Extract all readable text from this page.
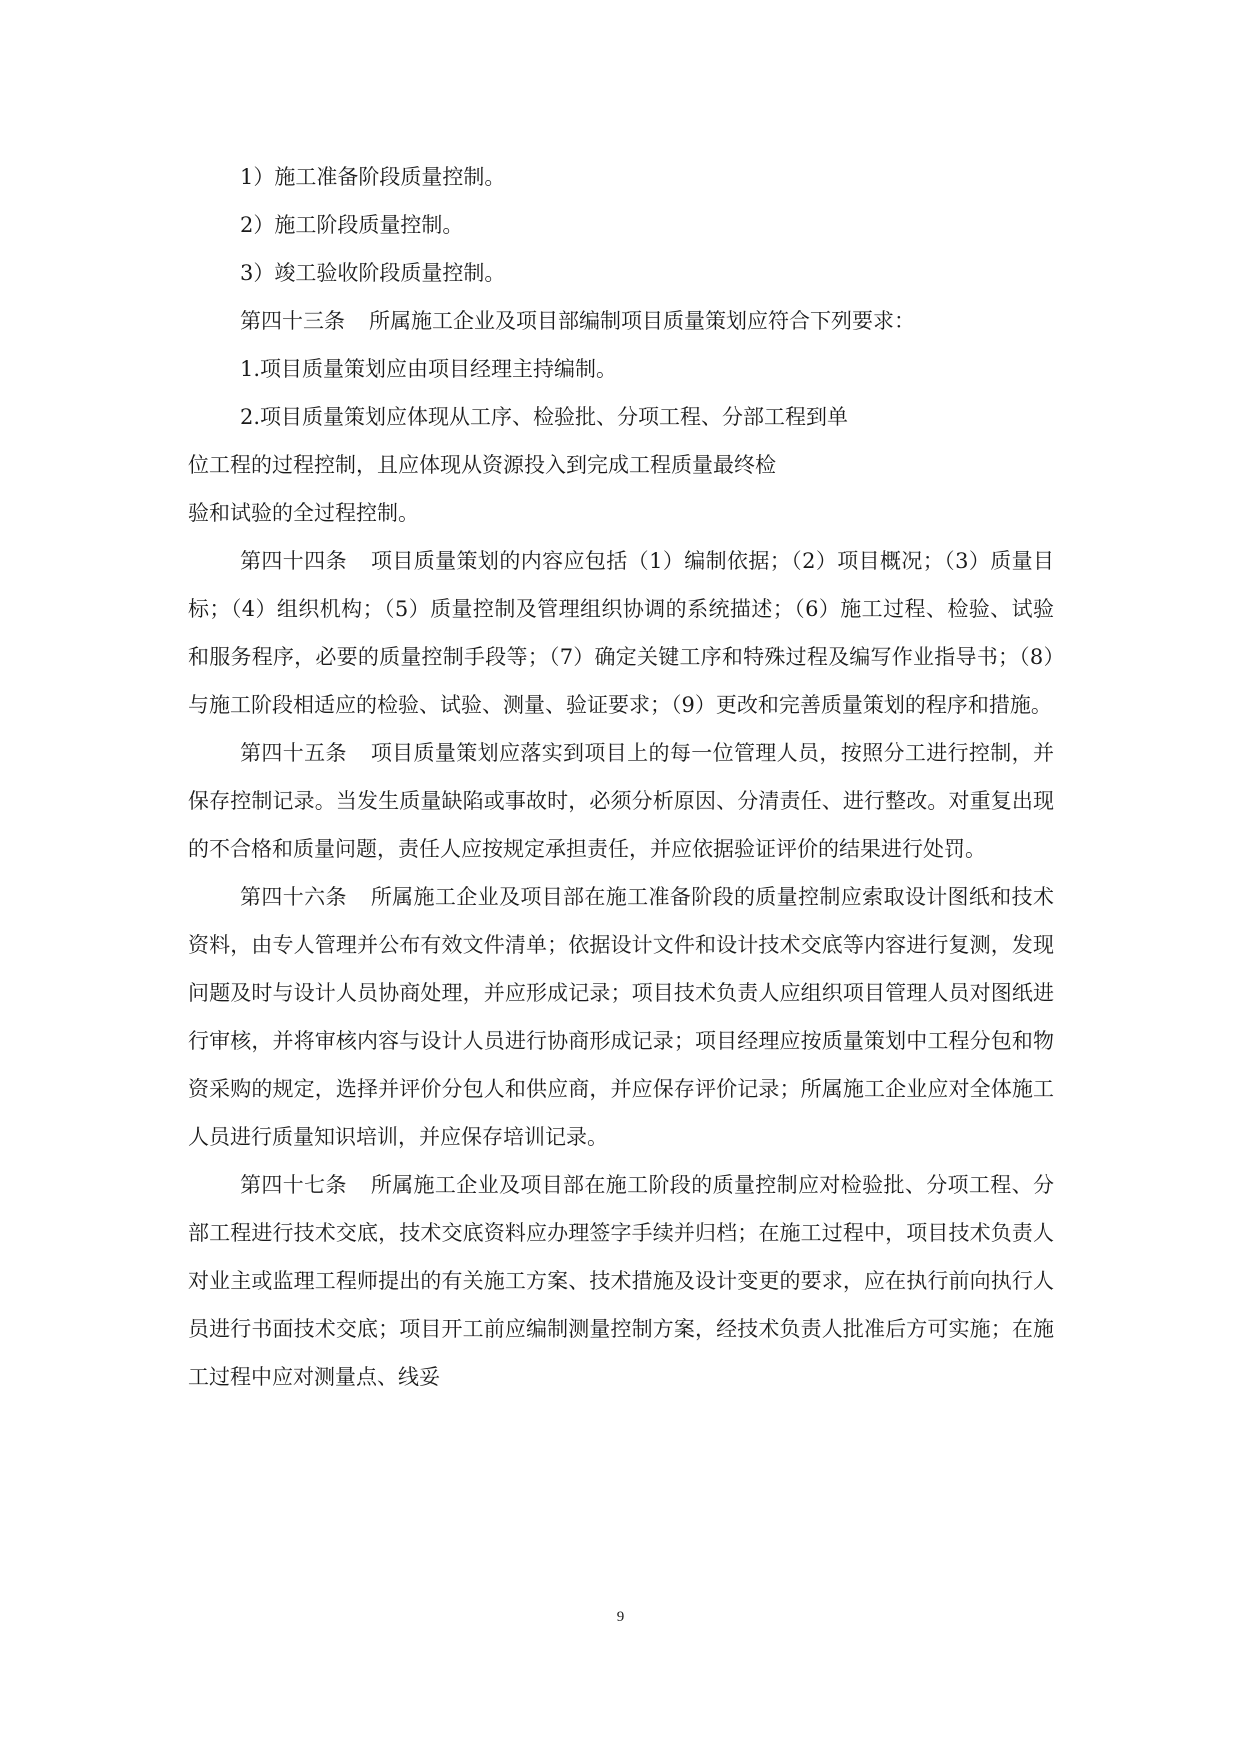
1）施工准备阶段质量控制。
2）施工阶段质量控制。
3）竣工验收阶段质量控制。
第四十三条 所属施工企业及项目部编制项目质量策划应符合下列要求：
1.项目质量策划应由项目经理主持编制。
2.项目质量策划应体现从工序、检验批、分项工程、分部工程到单
位工程的过程控制，且应体现从资源投入到完成工程质量最终检
验和试验的全过程控制。

第四十四条 项目质量策划的内容应包括（1）编制依据；（2）项目概况；（3）质量目标；（4）组织机构；（5）质量控制及管理组织协调的系统描述；（6）施工过程、检验、试验和服务程序，必要的质量控制手段等；（7）确定关键工序和特殊过程及编写作业指导书；（8）与施工阶段相适应的检验、试验、测量、验证要求；（9）更改和完善质量策划的程序和措施。

第四十五条 项目质量策划应落实到项目上的每一位管理人员，按照分工进行控制，并保存控制记录。当发生质量缺陷或事故时，必须分析原因、分清责任、进行整改。对重复出现的不合格和质量问题，责任人应按规定承担责任，并应依据验证评价的结果进行处罚。

第四十六条 所属施工企业及项目部在施工准备阶段的质量控制应索取设计图纸和技术资料，由专人管理并公布有效文件清单；依据设计文件和设计技术交底等内容进行复测，发现问题及时与设计人员协商处理，并应形成记录；项目技术负责人应组织项目管理人员对图纸进行审核，并将审核内容与设计人员进行协商形成记录；项目经理应按质量策划中工程分包和物资采购的规定，选择并评价分包人和供应商，并应保存评价记录；所属施工企业应对全体施工人员进行质量知识培训，并应保存培训记录。

第四十七条 所属施工企业及项目部在施工阶段的质量控制应对检验批、分项工程、分部工程进行技术交底，技术交底资料应办理签字手续并归档；在施工过程中，项目技术负责人对业主或监理工程师提出的有关施工方案、技术措施及设计变更的要求，应在执行前向执行人员进行书面技术交底；项目开工前应编制测量控制方案，经技术负责人批准后方可实施；在施工过程中应对测量点、线妥

9
